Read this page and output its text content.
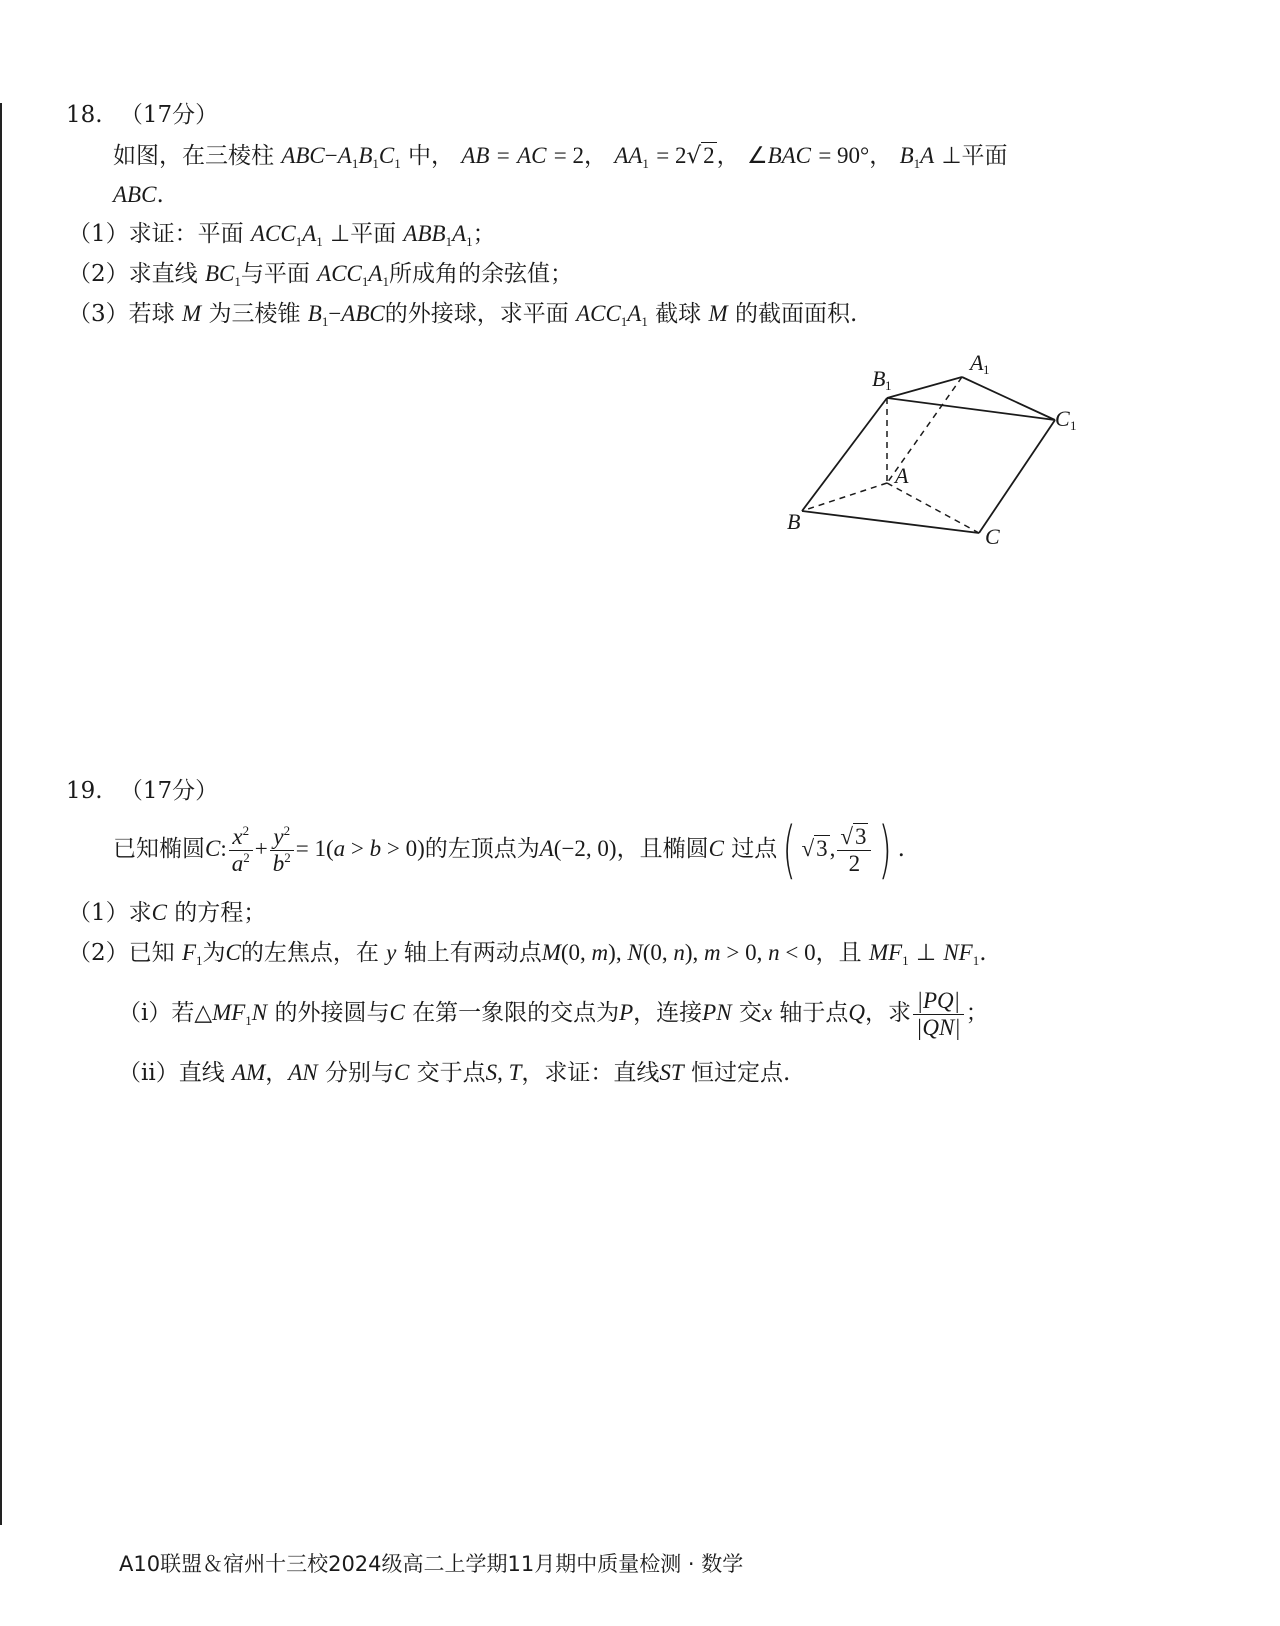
18. （17分）
如图，在三棱柱 $ABC-A_1B_1C_1$ 中， AB = AC = 2， $AA_1 = 2√2$， ∠BAC = 90°， $B_1A$ ⊥平面
ABC.
（1）求证：平面 $ACC_1A_1$ ⊥平面 $ABB_1A_1$；
（2）求直线 $BC_1$与平面 $ACC_1A_1$所成角的余弦值；
（3）若球 M 为三棱锥 $B_1-ABC$的外接球，求平面 $ACC_1A_1$ 截球 M 的截面面积.
B 1
A 1
C 1
A
B
C
19. （17分）
已知椭圆C: $\frac{x^2}{a^2} + \frac{y^2}{b^2} = 1(a > b > 0)$的左顶点为A(−2, 0)，且椭圆C 过点( √3, $\frac{√3}{2}$ ) .
（1）求C 的方程；
（2）已知 $F_1$为C的左焦点，在 y 轴上有两动点M(0, m), N(0, n), m > 0, n < 0，且 $MF_1$ ⊥ $NF_1$.
（i）若$\triangle MF_1N$ 的外接圆与C 在第一象限的交点为P，连接PN 交x 轴于点Q，求 $\frac{|PQ|}{|QN|}$ ；
（ii）直线 AM，AN 分别与C 交于点S, T，求证：直线ST 恒过定点.
A10联盟＆宿州十三校2024级高二上学期11月期中质量检测 · 数学
